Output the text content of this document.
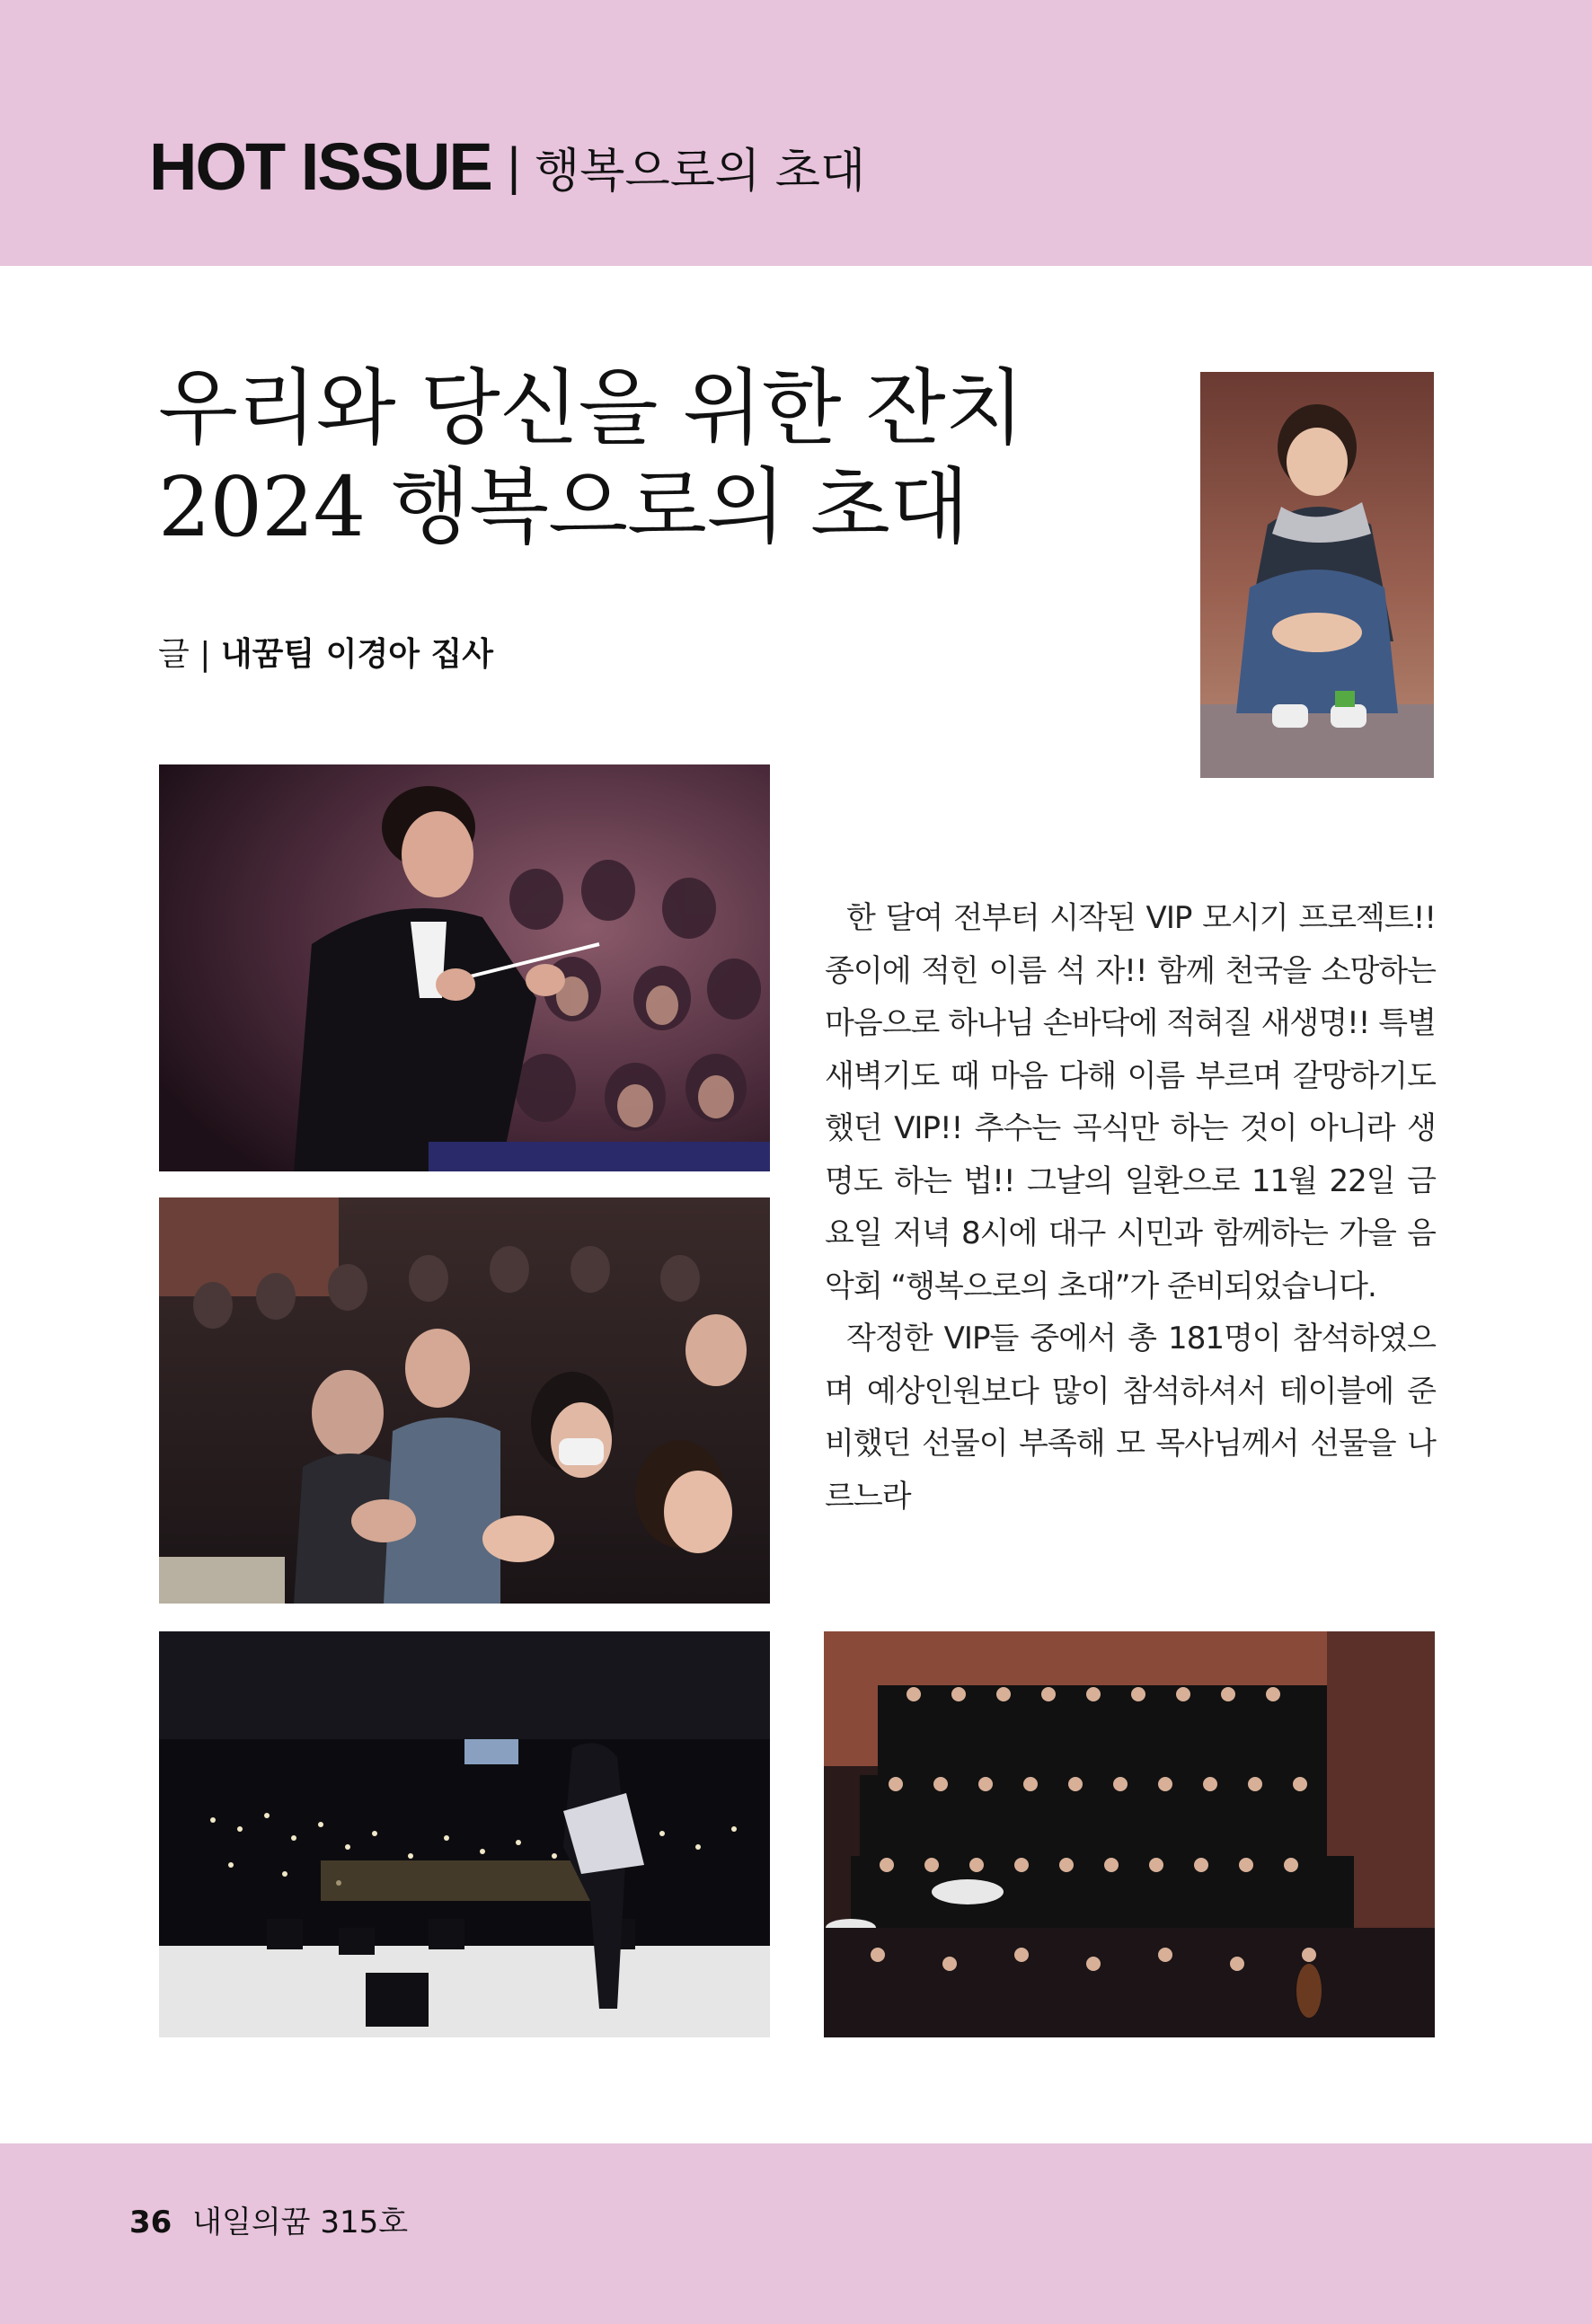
HOT ISSUE | 행복으로의 초대
우리와 당신을 위한 잔치
2024 행복으로의 초대
글 | 내꿈팀 이경아 집사

한 달여 전부터 시작된 VIP 모시기 프로젝트!! 종이에 적힌 이름 석 자!! 함께 천국을 소망하는 마음으로 하나님 손바닥에 적혀질 새생명!! 특별새벽기도 때 마음 다해 이름 부르며 갈망하기도 했던 VIP!! 추수는 곡식만 하는 것이 아니라 생명도 하는 법!! 그날의 일환으로 11월 22일 금요일 저녁 8시에 대구 시민과 함께하는 가을 음악회 “행복으로의 초대”가 준비되었습니다.

작정한 VIP들 중에서 총 181명이 참석하였으며 예상인원보다 많이 참석하셔서 테이블에 준비했던 선물이 부족해 모 목사님께서 선물을 나르느라

36 내일의꿈 315호
